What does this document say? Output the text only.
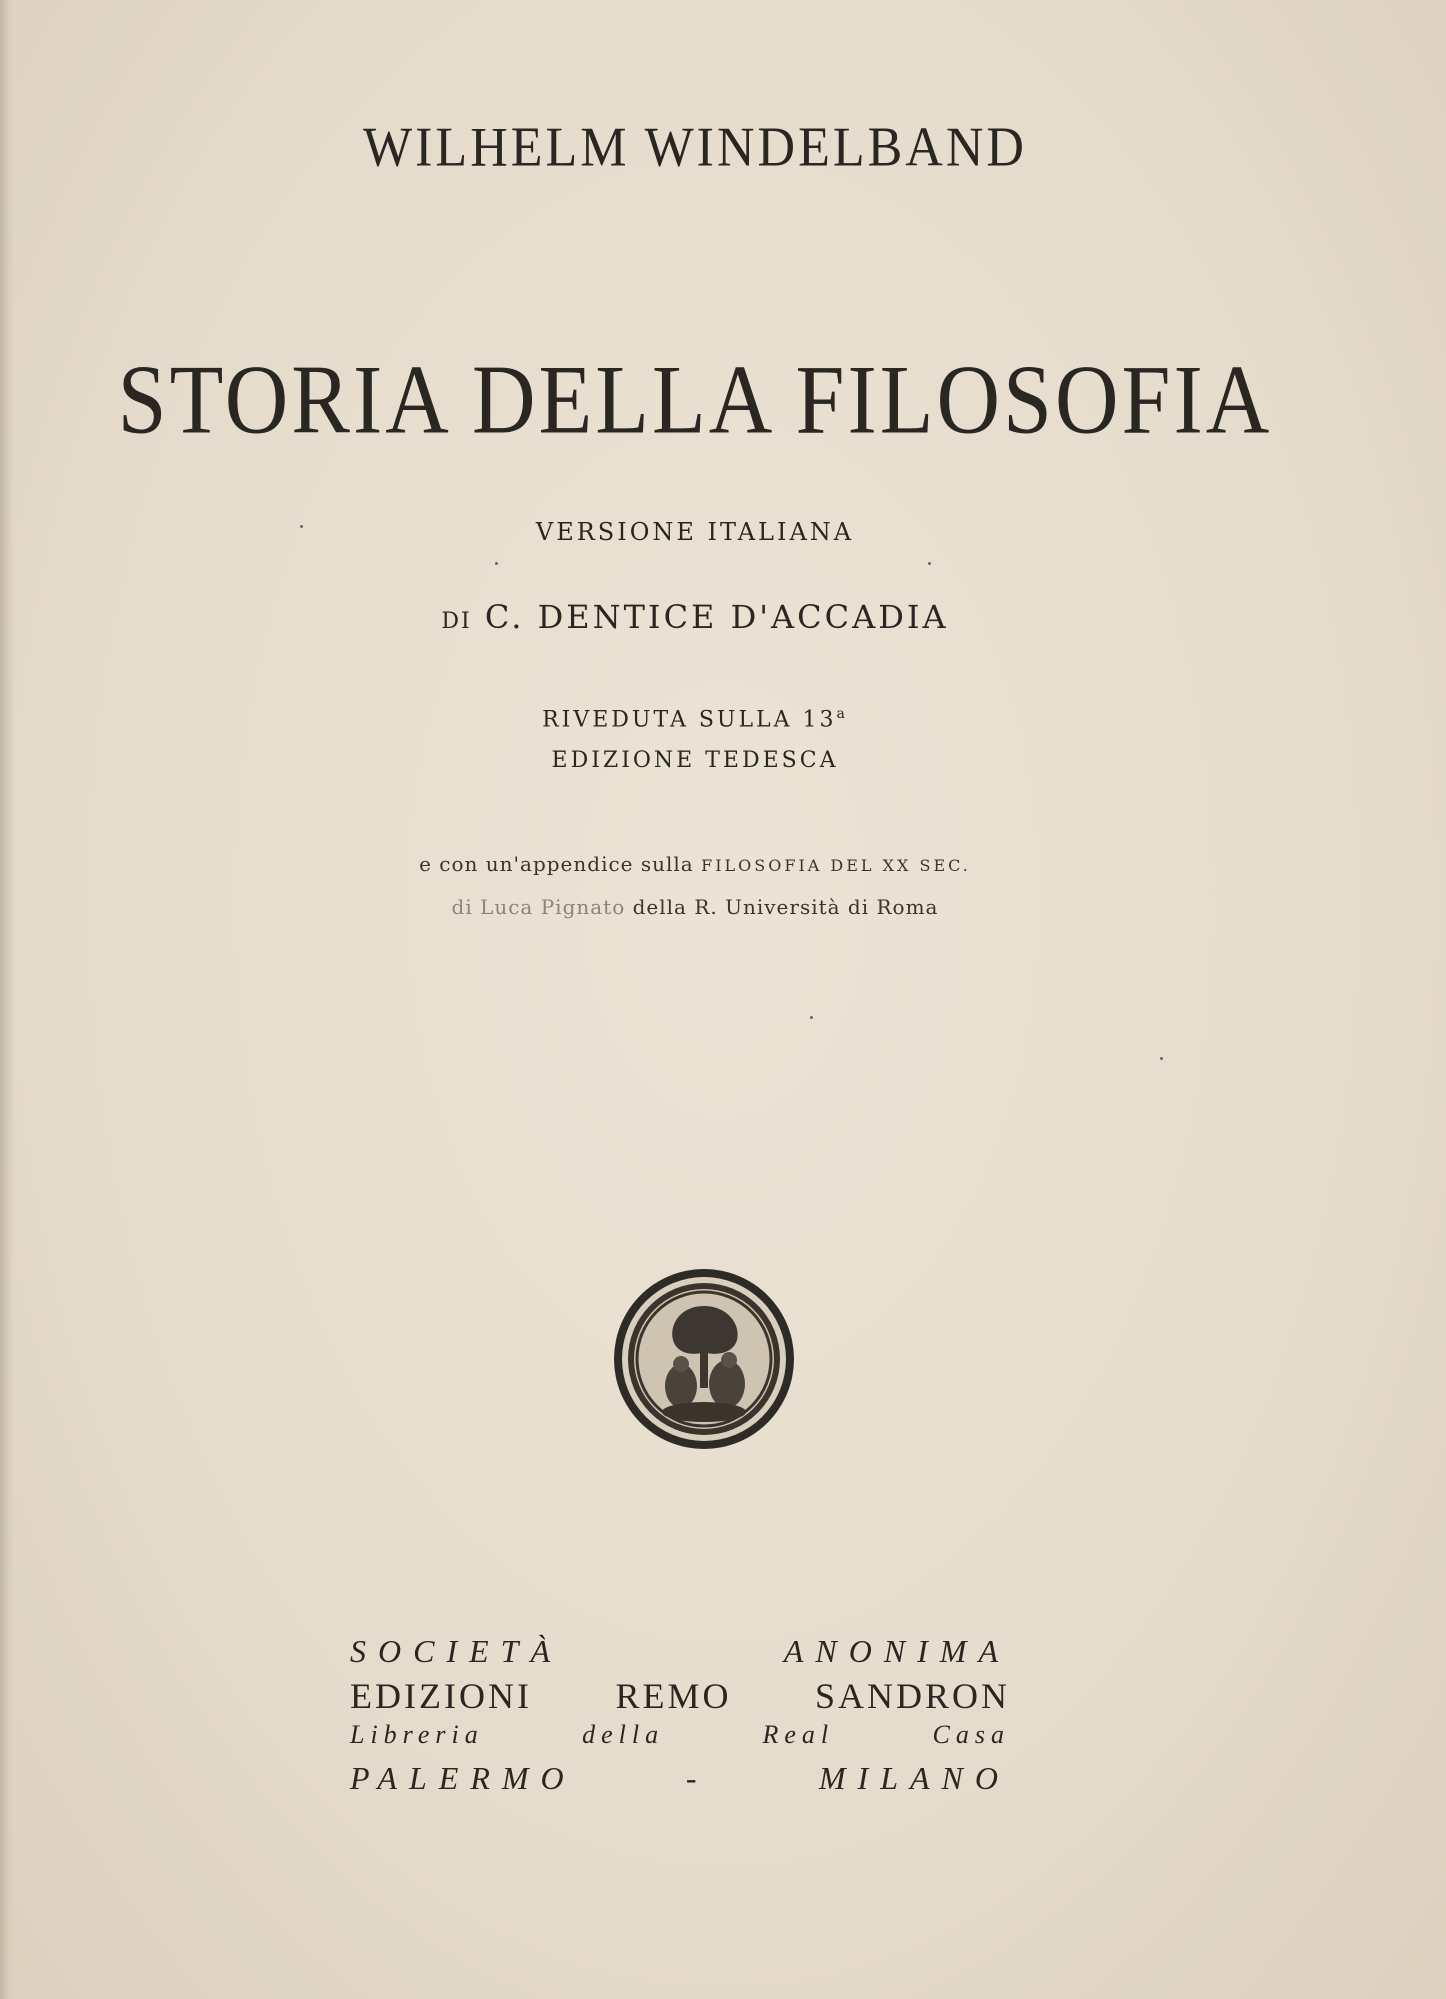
WILHELM WINDELBAND
STORIA DELLA FILOSOFIA
VERSIONE ITALIANA
DI C. DENTICE D'ACCADIA
RIVEDUTA SULLA 13$^a$
EDIZIONE TEDESCA
e con un'appendice sulla FILOSOFIA DEL XX SEC.
di Luca Pignato della R. Università di Roma
SOCIETÀ ANONIMA
EDIZIONI REMO SANDRON
Libreria della Real Casa
PALERMO - MILANO
